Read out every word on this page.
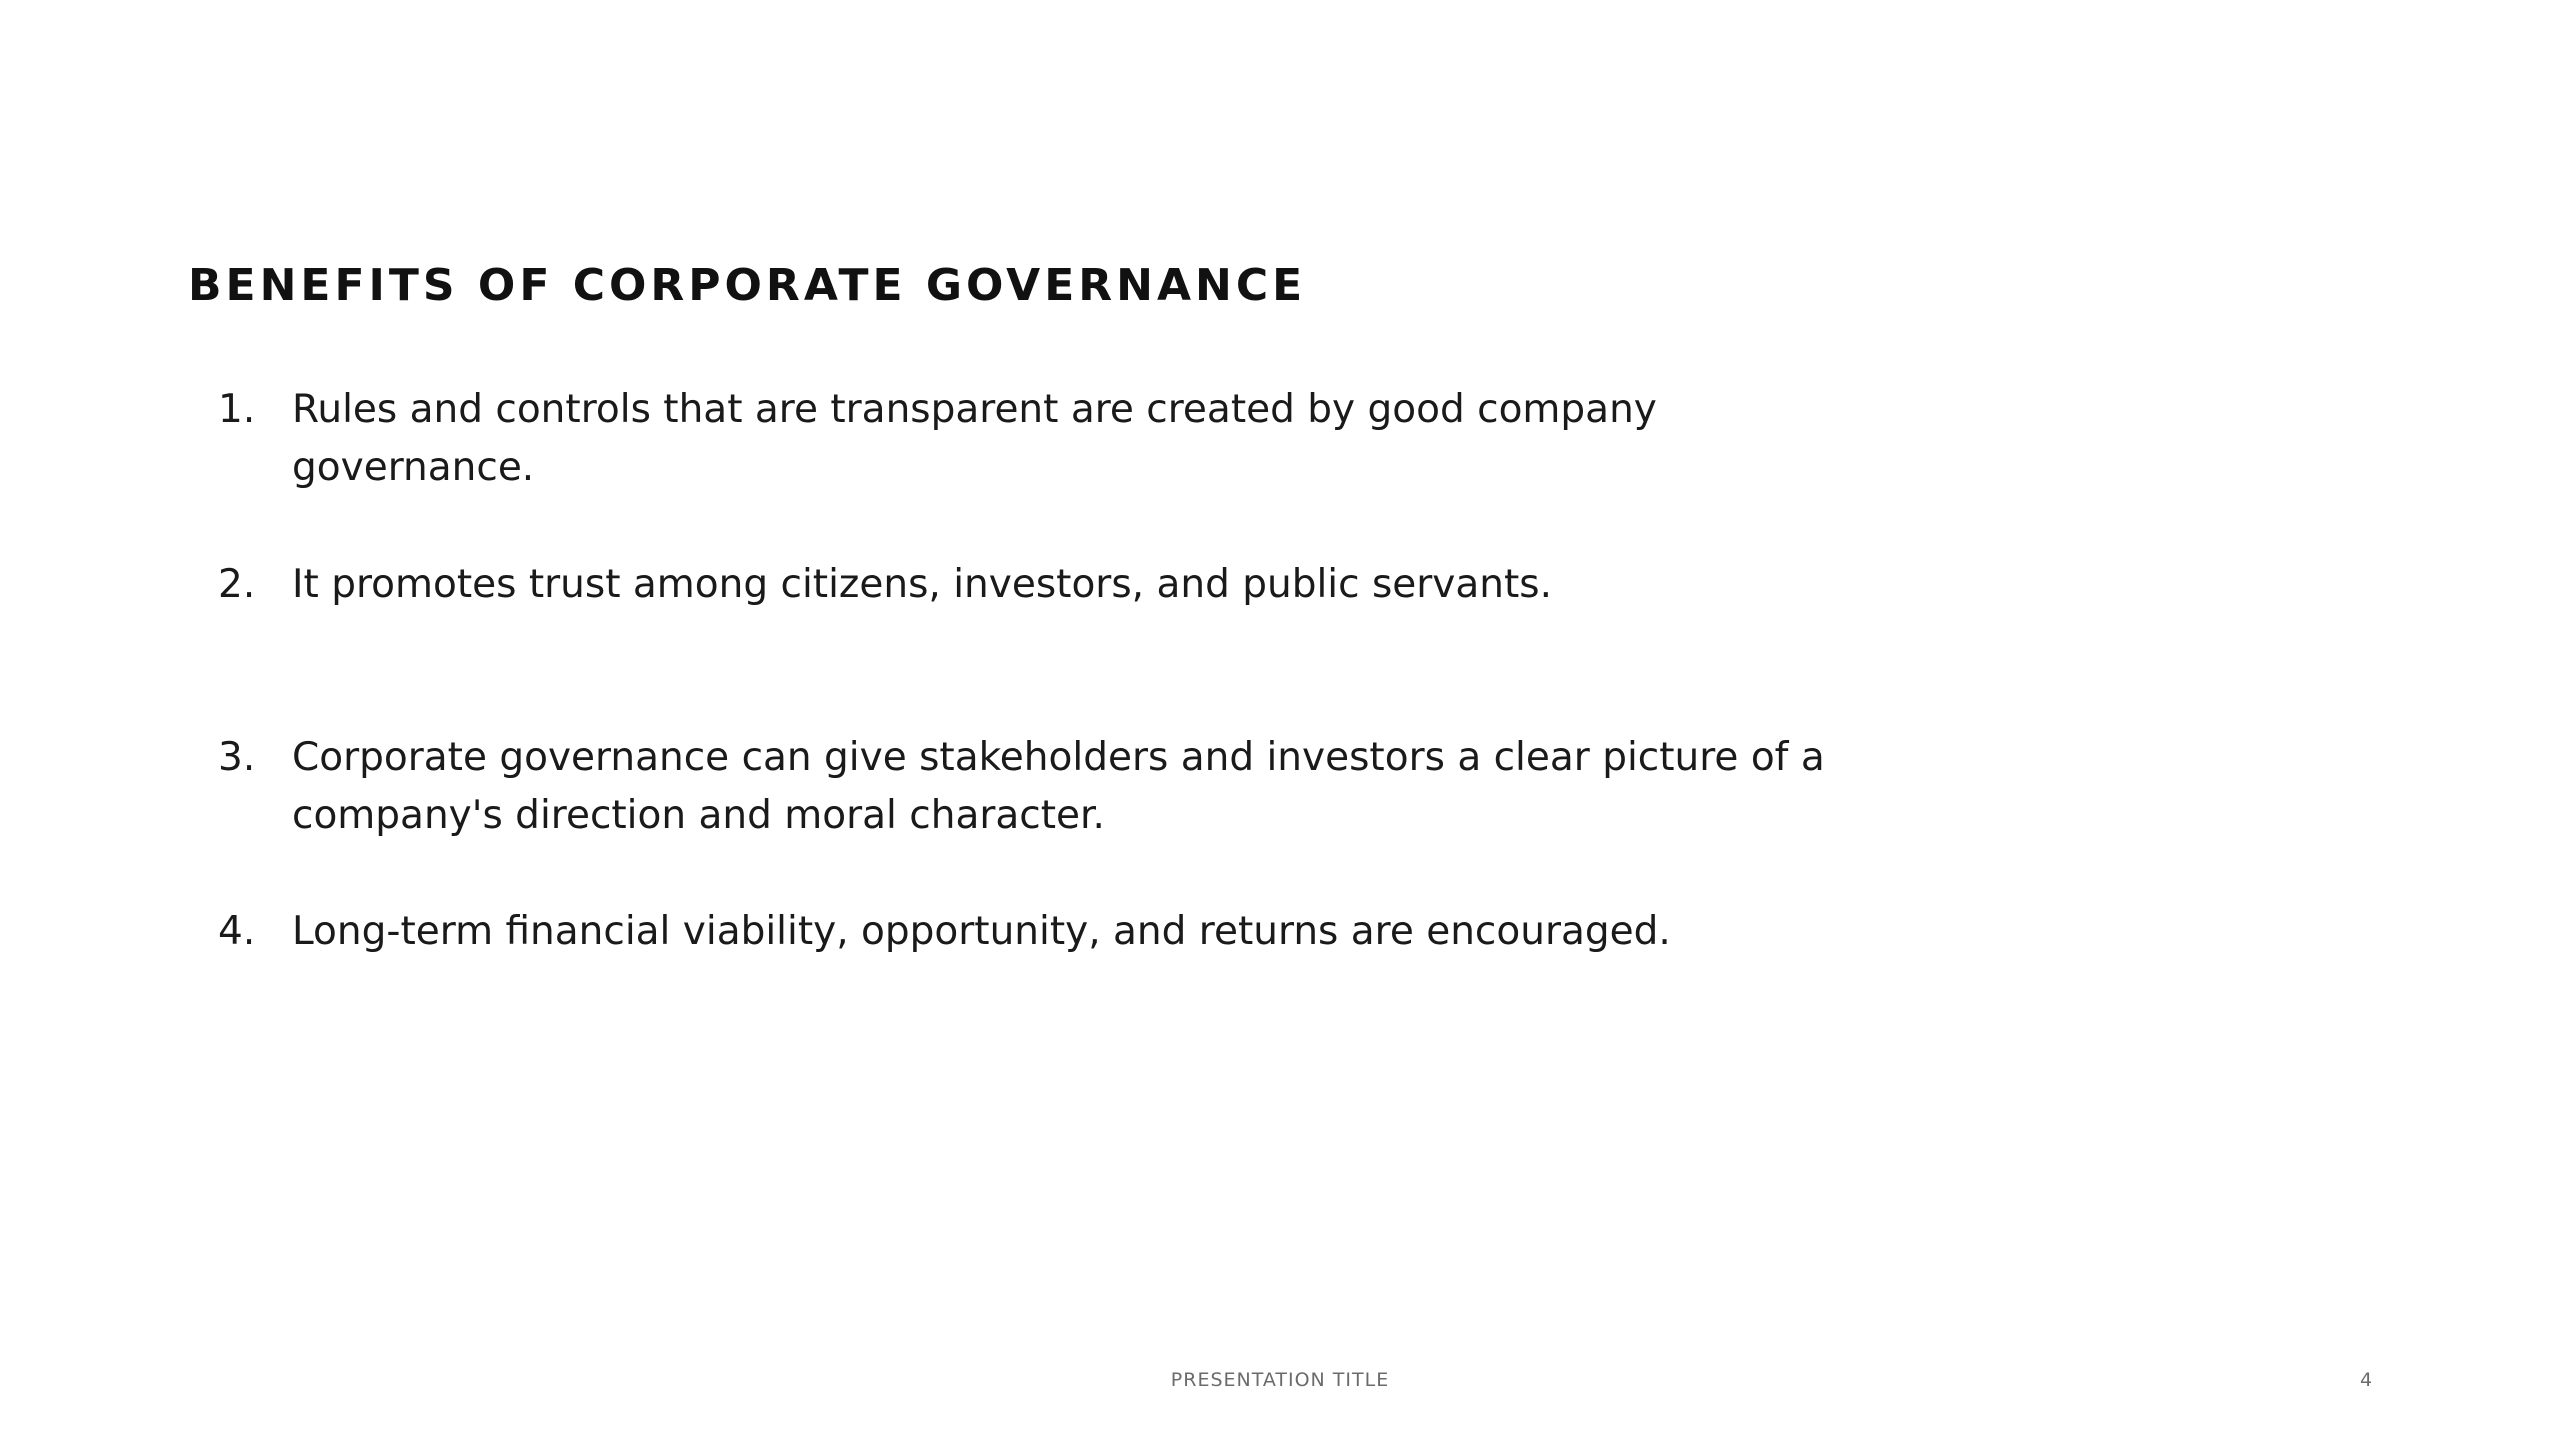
BENEFITS OF CORPORATE GOVERNANCE
1. Rules and controls that are transparent are created by good company governance.
2. It promotes trust among citizens, investors, and public servants.
3. Corporate governance can give stakeholders and investors a clear picture of a company's direction and moral character.
4. Long-term financial viability, opportunity, and returns are encouraged.
PRESENTATION TITLE	4
